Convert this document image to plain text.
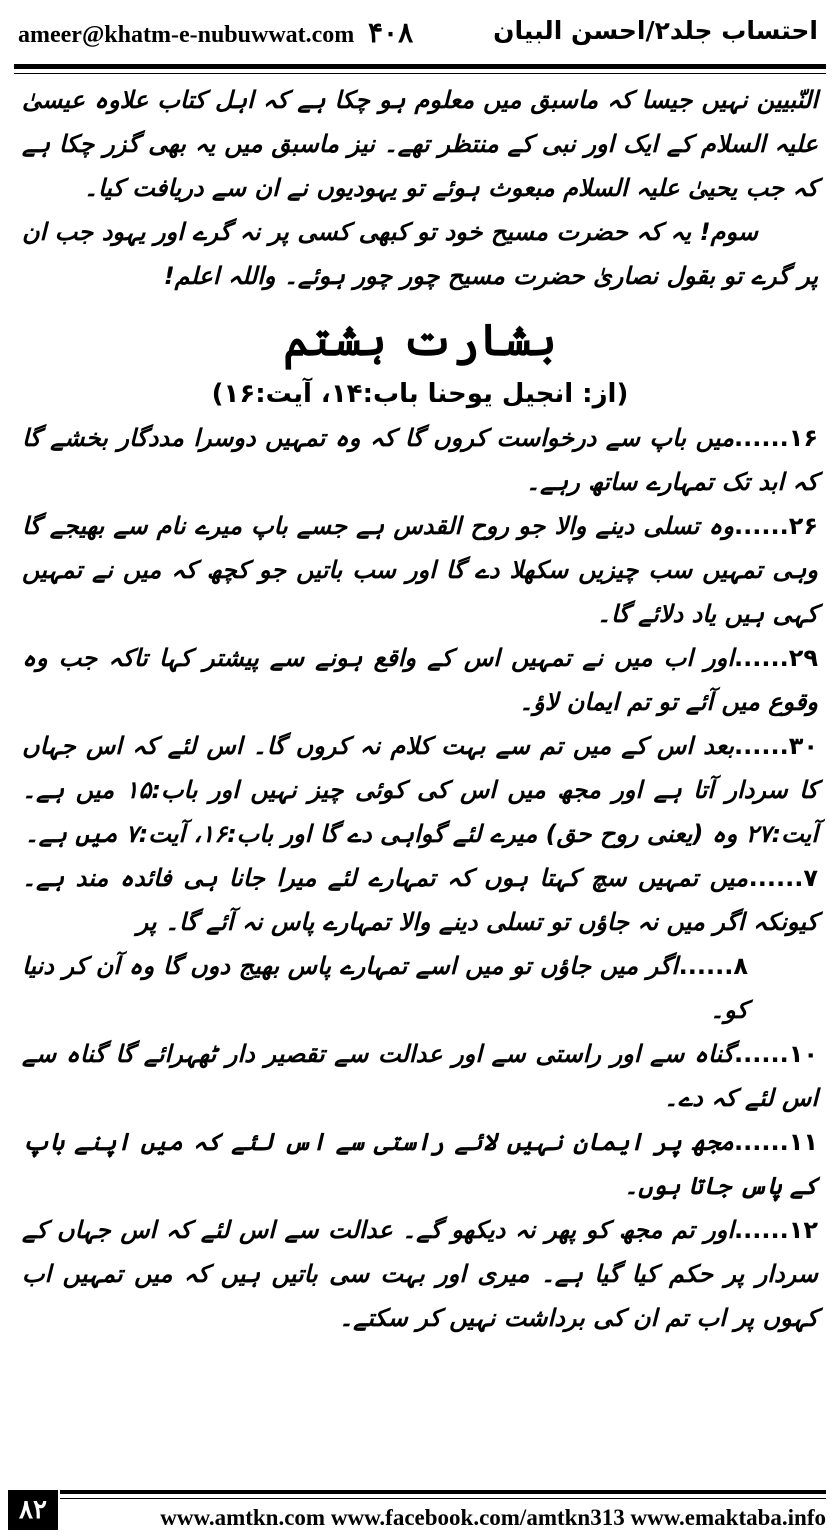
ameer@khatm-e-nubuwwat.com ۴۰۸	احتساب جلد۲/احسن البیان

النّبیین نہیں جیسا کہ ماسبق میں معلوم ہو چکا ہے کہ اہل کتاب علاوہ عیسیٰ علیہ السلام کے ایک اور نبی کے منتظر تھے۔ نیز ماسبق میں یہ بھی گزر چکا ہے کہ جب یحییٰ علیہ السلام مبعوث ہوئے تو یہودیوں نے ان سے دریافت کیا۔

سوم! یہ کہ حضرت مسیح خود تو کبھی کسی پر نہ گرے اور یہود جب ان پر گرے تو بقول نصاریٰ حضرت مسیح چور چور ہوئے۔ واللہ اعلم!

بشارت ہشتم
(از: انجیل یوحنا باب:۱۴، آیت:۱۶)

۱۶......میں باپ سے درخواست کروں گا کہ وہ تمہیں دوسرا مددگار بخشے گا کہ ابد تک تمہارے ساتھ رہے۔

۲۶......وہ تسلی دینے والا جو روح القدس ہے جسے باپ میرے نام سے بھیجے گا وہی تمہیں سب چیزیں سکھلا دے گا اور سب باتیں جو کچھ کہ میں نے تمہیں کہی ہیں یاد دلائے گا۔

۲۹......اور اب میں نے تمہیں اس کے واقع ہونے سے پیشتر کہا تاکہ جب وہ وقوع میں آئے تو تم ایمان لاؤ۔

۳۰......بعد اس کے میں تم سے بہت کلام نہ کروں گا۔ اس لئے کہ اس جہاں کا سردار آتا ہے اور مجھ میں اس کی کوئی چیز نہیں اور باب:۱۵ میں ہے۔ آیت:۲۷ وہ (یعنی روح حق) میرے لئے گواہی دے گا اور باب:۱۶، آیت:۷ میں ہے۔

۷......میں تمہیں سچ کہتا ہوں کہ تمہارے لئے میرا جانا ہی فائدہ مند ہے۔ کیونکہ اگر میں نہ جاؤں تو تسلی دینے والا تمہارے پاس نہ آئے گا۔ پر

۸......اگر میں جاؤں تو میں اسے تمہارے پاس بھیج دوں گا وہ آن کر دنیا کو۔

۱۰......گناہ سے اور راستی سے اور عدالت سے تقصیر دار ٹھہرائے گا گناہ سے اس لئے کہ دے۔

۱۱......مجھ پر ایمان نہیں لائے راستی سے اس لئے کہ میں اپنے باپ کے پاس جاتا ہوں۔

۱۲......اور تم مجھ کو پھر نہ دیکھو گے۔ عدالت سے اس لئے کہ اس جہاں کے سردار پر حکم کیا گیا ہے۔ میری اور بہت سی باتیں ہیں کہ میں تمہیں اب کہوں پر اب تم ان کی برداشت نہیں کر سکتے۔

۸۲	www.amtkn.com www.facebook.com/amtkn313 www.emaktaba.info
